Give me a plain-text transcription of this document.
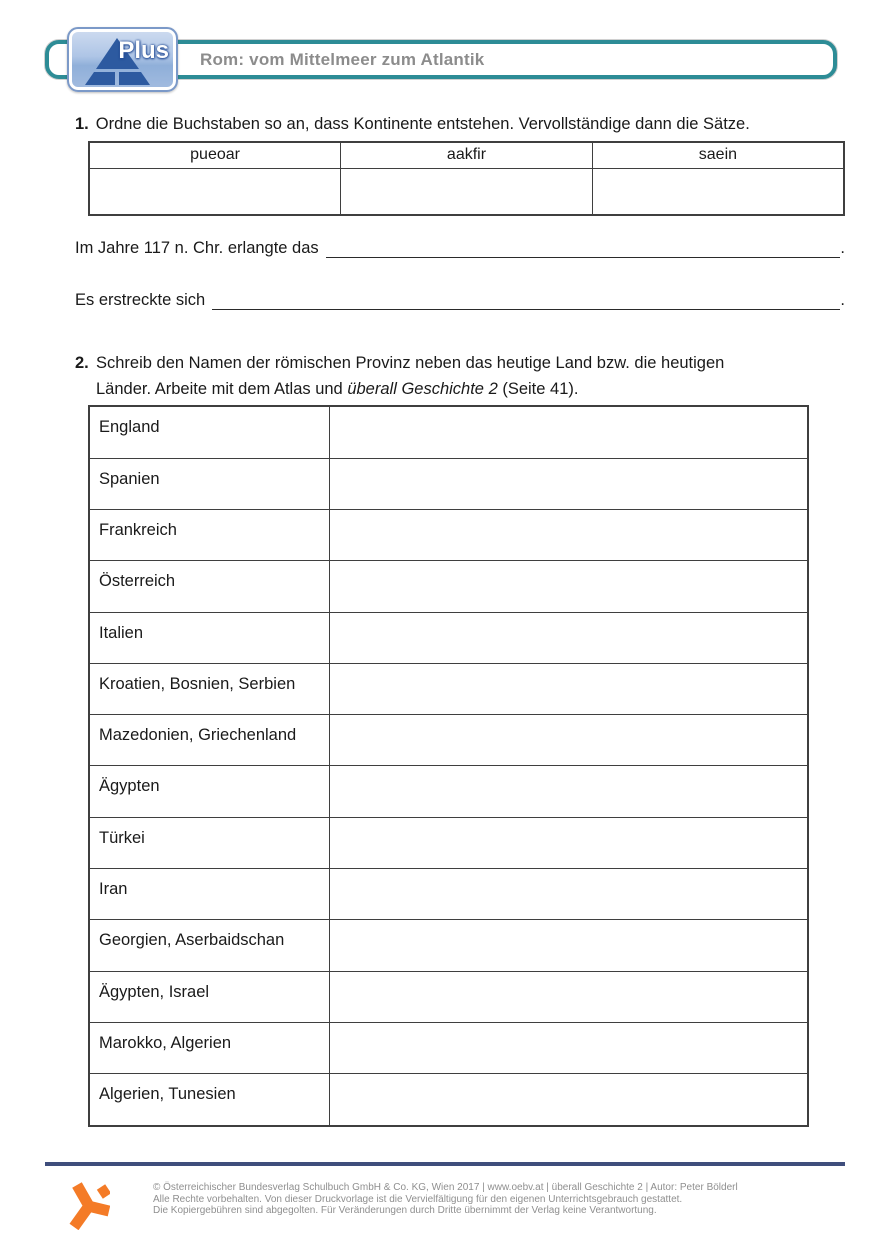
Plus Rom: vom Mittelmeer zum Atlantik
1. Ordne die Buchstaben so an, dass Kontinente entstehen. Vervollständige dann die Sätze.
pueoar	aakfir	saein

Im Jahre 117 n. Chr. erlangte das	.
Es erstreckte sich	.
2. Schreib den Namen der römischen Provinz neben das heutige Land bzw. die heutigen
Länder. Arbeite mit dem Atlas und überall Geschichte 2 (Seite 41).
England	
Spanien	
Frankreich	
Österreich	
Italien	
Kroatien, Bosnien, Serbien	
Mazedonien, Griechenland	
Ägypten	
Türkei	
Iran	
Georgien, Aserbaidschan	
Ägypten, Israel	
Marokko, Algerien	
Algerien, Tunesien	
© Österreichischer Bundesverlag Schulbuch GmbH & Co. KG, Wien 2017 | www.oebv.at | überall Geschichte 2 | Autor: Peter Bölderl
Alle Rechte vorbehalten. Von dieser Druckvorlage ist die Vervielfältigung für den eigenen Unterrichtsgebrauch gestattet.
Die Kopiergebühren sind abgegolten. Für Veränderungen durch Dritte übernimmt der Verlag keine Verantwortung.
